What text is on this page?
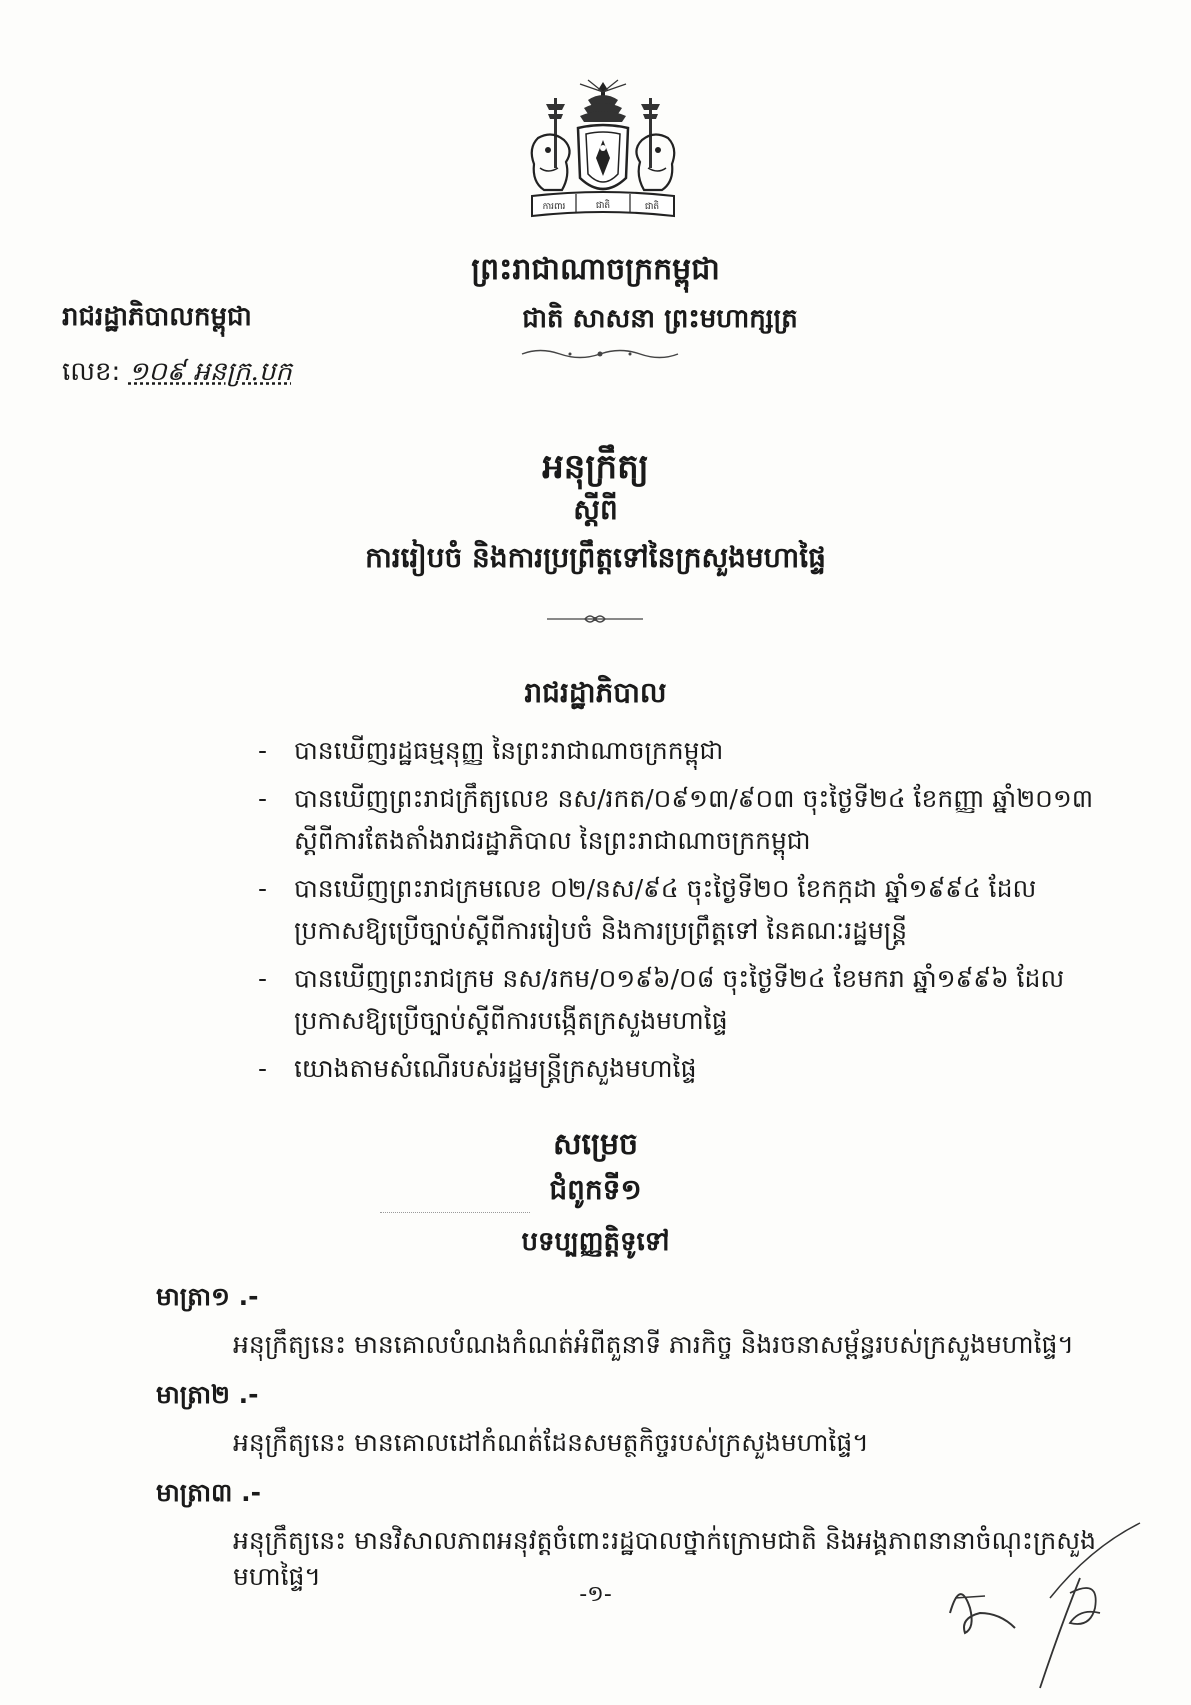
ការពារ	ជាតិ	ជាតិ
ព្រះរាជាណាចក្រកម្ពុជា
ជាតិ សាសនា ព្រះមហាក្សត្រ
រាជរដ្ឋាភិបាលកម្ពុជា
លេខ: ១០៩ អនក្រ.បក
អនុក្រឹត្យ
ស្តីពី
ការរៀបចំ និងការប្រព្រឹត្តទៅនៃក្រសួងមហាផ្ទៃ
រាជរដ្ឋាភិបាល
- បានឃើញរដ្ឋធម្មនុញ្ញ នៃព្រះរាជាណាចក្រកម្ពុជា
- បានឃើញព្រះរាជក្រឹត្យលេខ នស/រកត/០៩១៣/៩០៣ ចុះថ្ងៃទី២៤ ខែកញ្ញា ឆ្នាំ២០១៣ ស្តីពីការតែងតាំងរាជរដ្ឋាភិបាល នៃព្រះរាជាណាចក្រកម្ពុជា
- បានឃើញព្រះរាជក្រមលេខ ០២/នស/៩៤ ចុះថ្ងៃទី២០ ខែកក្កដា ឆ្នាំ១៩៩៤ ដែលប្រកាសឱ្យប្រើច្បាប់ស្តីពីការរៀបចំ និងការប្រព្រឹត្តទៅ នៃគណៈរដ្ឋមន្ត្រី
- បានឃើញព្រះរាជក្រម នស/រកម/០១៩៦/០៨ ចុះថ្ងៃទី២៤ ខែមករា ឆ្នាំ១៩៩៦ ដែលប្រកាសឱ្យប្រើច្បាប់ស្តីពីការបង្កើតក្រសួងមហាផ្ទៃ
- យោងតាមសំណើរបស់រដ្ឋមន្ត្រីក្រសួងមហាផ្ទៃ
សម្រេច
ជំពូកទី១
បទប្បញ្ញត្តិទូទៅ
មាត្រា១ .-
អនុក្រឹត្យនេះ មានគោលបំណងកំណត់អំពីតួនាទី ភារកិច្ច និងរចនាសម្ព័ន្ធរបស់ក្រសួងមហាផ្ទៃ។
មាត្រា២ .-
អនុក្រឹត្យនេះ មានគោលដៅកំណត់ដែនសមត្ថកិច្ចរបស់ក្រសួងមហាផ្ទៃ។
មាត្រា៣ .-
អនុក្រឹត្យនេះ មានវិសាលភាពអនុវត្តចំពោះរដ្ឋបាលថ្នាក់ក្រោមជាតិ និងអង្គភាពនានាចំណុះក្រសួងមហាផ្ទៃ។
-១-
